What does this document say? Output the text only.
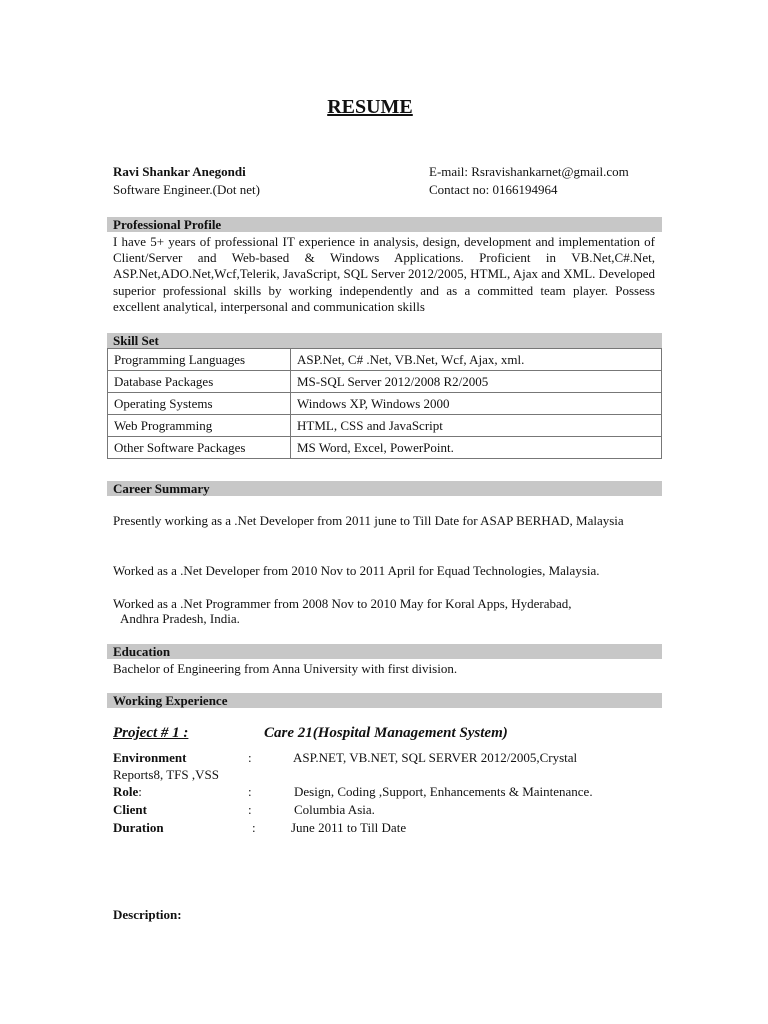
RESUME
Ravi Shankar Anegondi
Software Engineer.(Dot net)
E-mail: Rsravishankarnet@gmail.com
Contact no: 0166194964
Professional Profile
I have 5+ years of professional IT experience in analysis, design, development and implementation of Client/Server and Web-based & Windows Applications. Proficient in VB.Net,C#.Net, ASP.Net,ADO.Net,Wcf,Telerik, JavaScript, SQL Server 2012/2005, HTML, Ajax and XML. Developed superior professional skills by working independently and as a committed team player. Possess excellent analytical, interpersonal and communication skills
Skill Set
Programming Languages	ASP.Net, C# .Net, VB.Net, Wcf, Ajax, xml.
Database Packages	MS-SQL Server 2012/2008 R2/2005
Operating Systems	Windows XP, Windows 2000
Web Programming	HTML, CSS and JavaScript
Other Software Packages	MS Word, Excel, PowerPoint.
Career Summary
Presently working as a .Net Developer from 2011 june to Till Date for ASAP BERHAD, Malaysia
Worked as a .Net Developer from 2010 Nov to 2011 April for Equad Technologies, Malaysia.
Worked as a .Net Programmer from 2008 Nov to 2010 May for Koral Apps, Hyderabad,
Andhra Pradesh, India.
Education
Bachelor of Engineering from Anna University with first division.
Working Experience
Project # 1 :	Care 21(Hospital Management System)
Environment	:	ASP.NET, VB.NET, SQL SERVER 2012/2005,Crystal
Reports8, TFS ,VSS
Role:	:	Design, Coding ,Support, Enhancements & Maintenance.
Client	:	Columbia Asia.
Duration	:	June 2011 to Till Date
Description:
